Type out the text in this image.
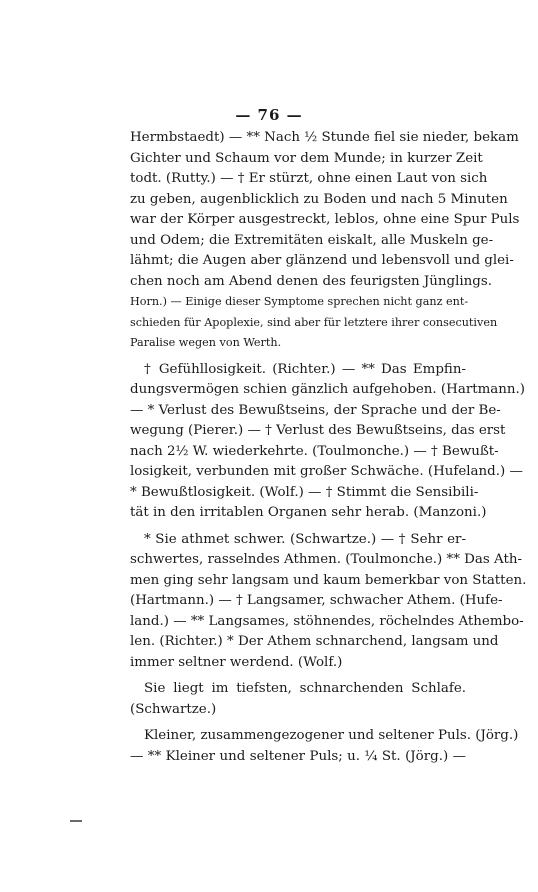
— 76 —
Hermbstaedt) — ** Nach ½ Stunde fiel sie nieder, bekam
Gichter und Schaum vor dem Munde; in kurzer Zeit
todt. (Rutty.) — † Er stürzt, ohne einen Laut von sich
zu geben, augenblicklich zu Boden und nach 5 Minuten
war der Körper ausgestreckt, leblos, ohne eine Spur Puls
und Odem; die Extremitäten eiskalt, alle Muskeln ge-
lähmt; die Augen aber glänzend und lebensvoll und glei-
chen noch am Abend denen des feurigsten Jünglings.
Horn.) — Einige dieser Symptome sprechen nicht ganz ent-
schieden für Apoplexie, sind aber für letztere ihrer consecutiven
Paralise wegen von Werth.
† Gefühllosigkeit. (Richter.) — ** Das Empfin-
dungsvermögen schien gänzlich aufgehoben. (Hartmann.)
— * Verlust des Bewußtseins, der Sprache und der Be-
wegung (Pierer.) — † Verlust des Bewußtseins, das erst
nach 2½ W. wiederkehrte. (Toulmonche.) — † Bewußt-
losigkeit, verbunden mit großer Schwäche. (Hufeland.) —
* Bewußtlosigkeit. (Wolf.) — † Stimmt die Sensibili-
tät in den irritablen Organen sehr herab. (Manzoni.)
* Sie athmet schwer. (Schwartze.) — † Sehr er-
schwertes, rasselndes Athmen. (Toulmonche.) ** Das Ath-
men ging sehr langsam und kaum bemerkbar von Statten.
(Hartmann.) — † Langsamer, schwacher Athem. (Hufe-
land.) — ** Langsames, stöhnendes, röchelndes Athembo-
len. (Richter.) * Der Athem schnarchend, langsam und
immer seltner werdend. (Wolf.)
Sie liegt im tiefsten, schnarchenden Schlafe.
(Schwartze.)
Kleiner, zusammengezogener und seltener Puls. (Jörg.)
— ** Kleiner und seltener Puls; u. ¼ St. (Jörg.) —
